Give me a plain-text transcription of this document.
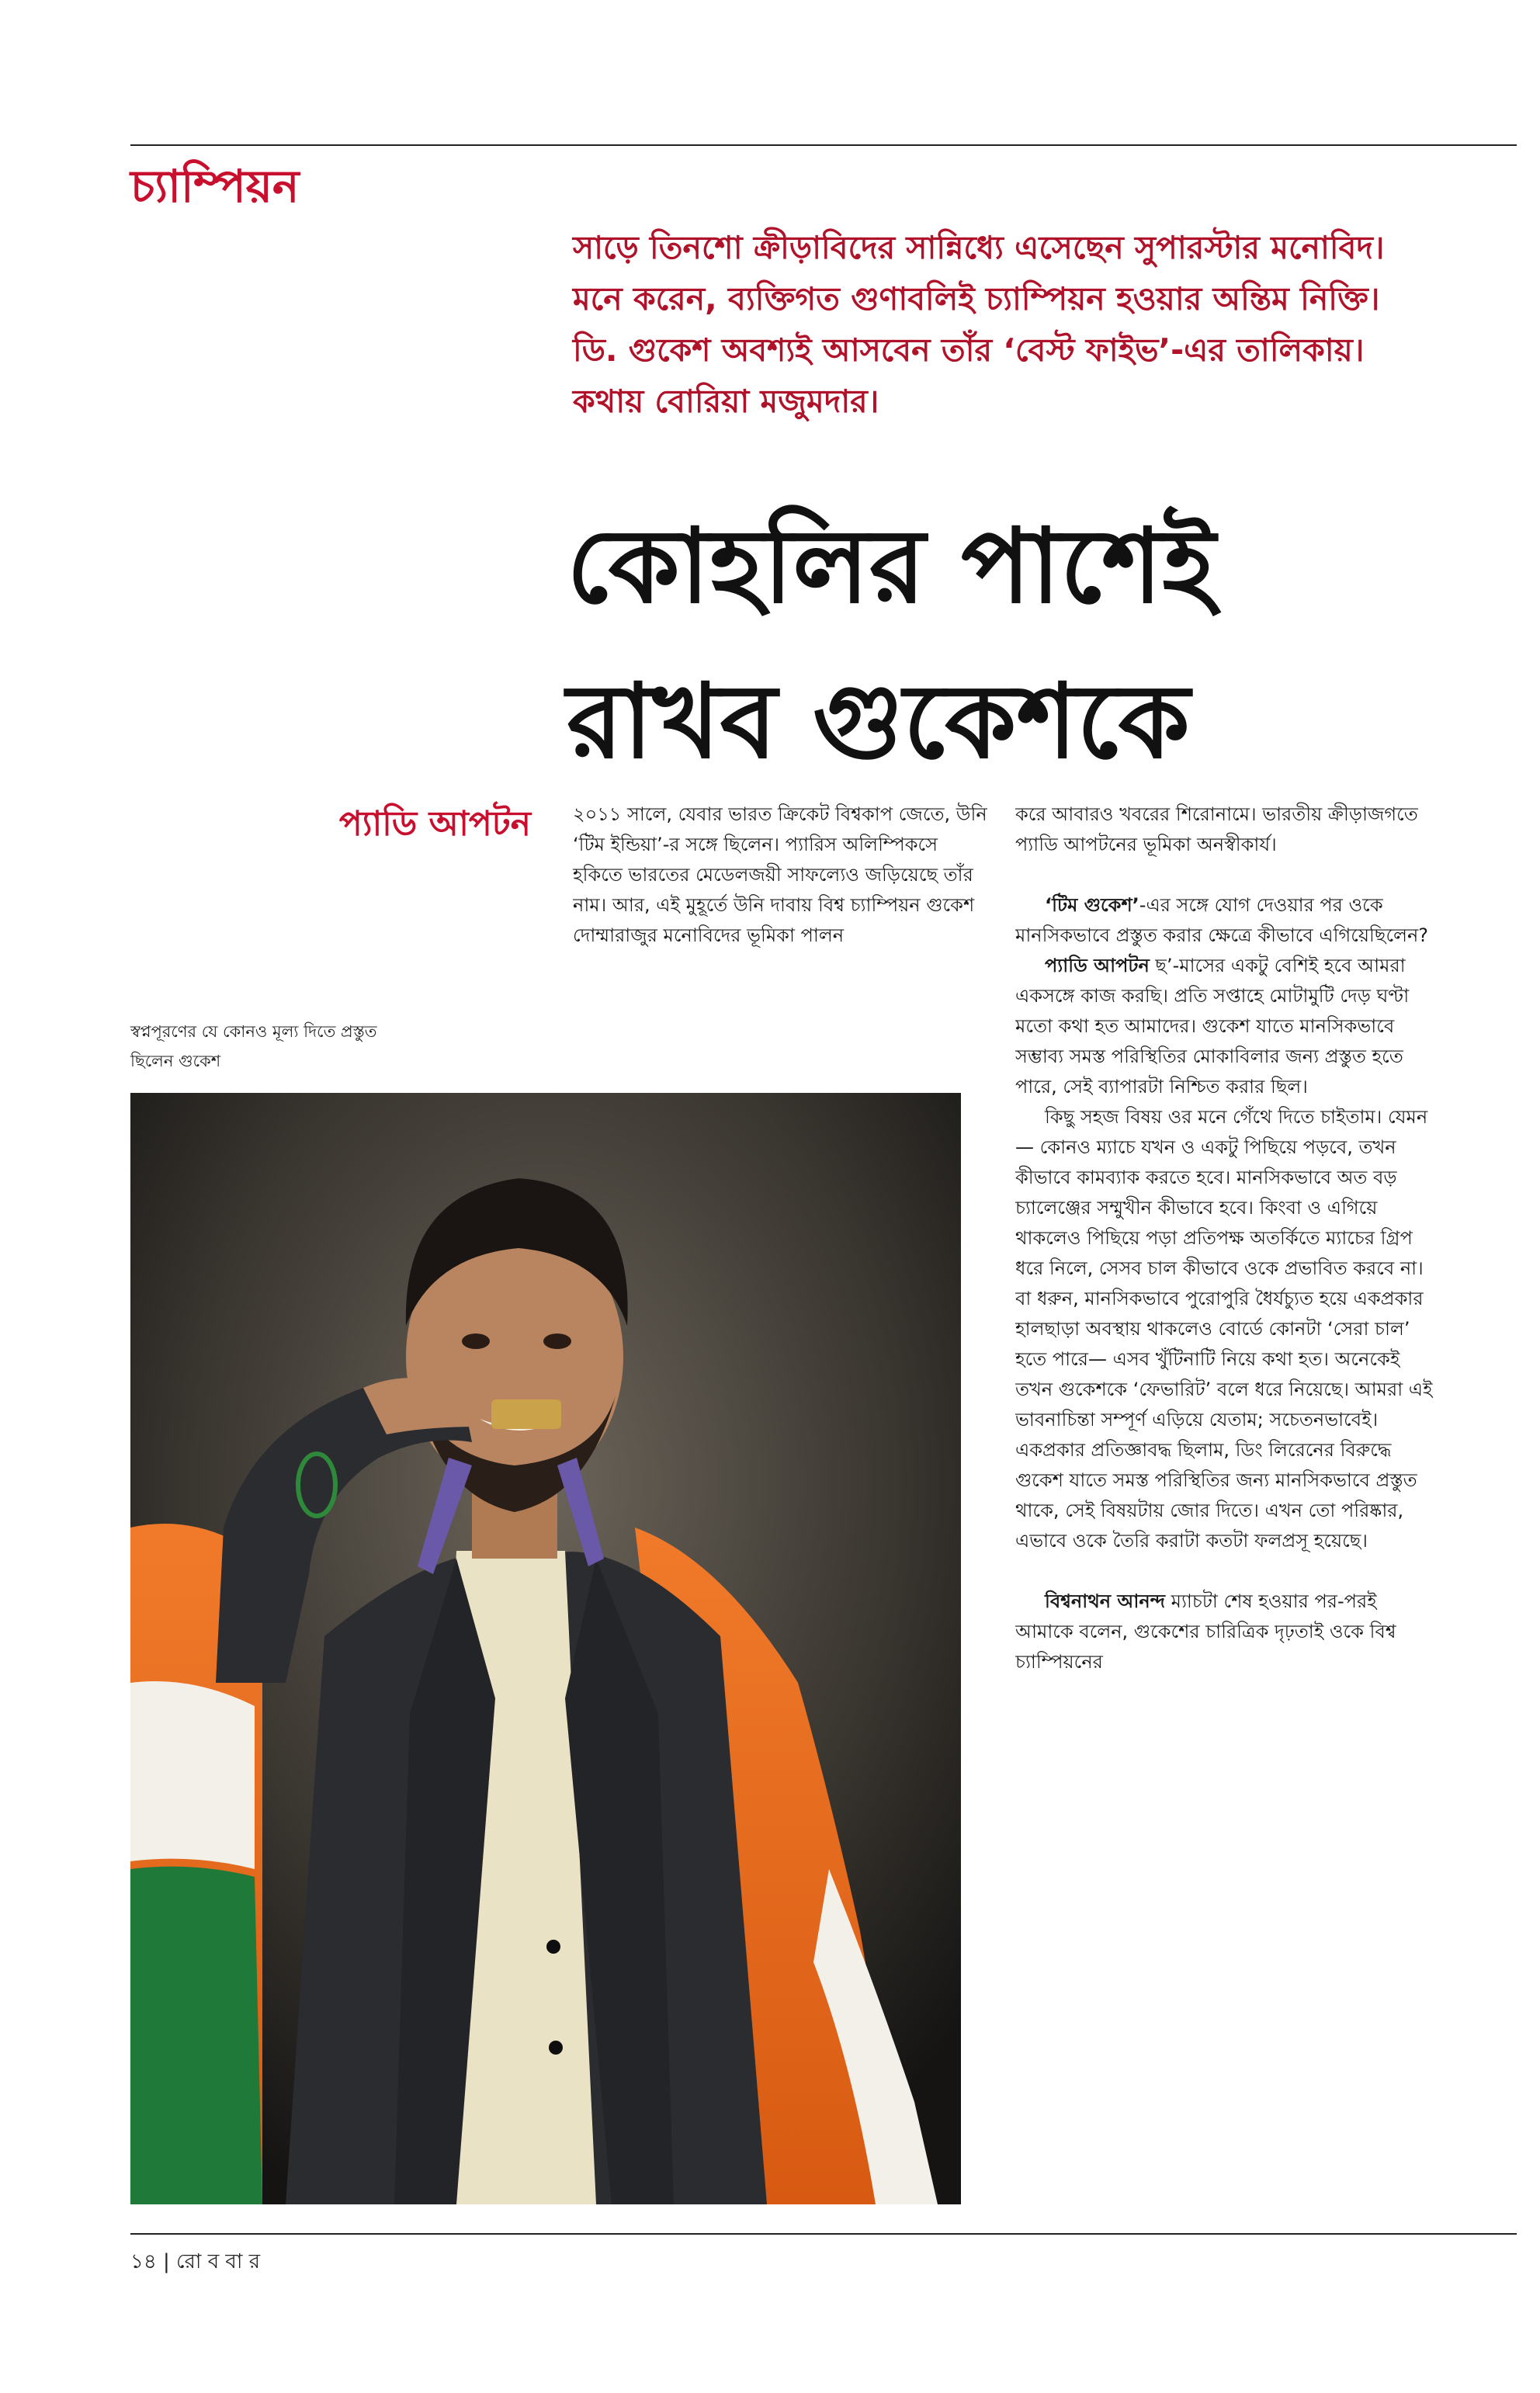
চ্যাম্পিয়ন
সাড়ে তিনশো ক্রীড়াবিদের সান্নিধ্যে এসেছেন সুপারস্টার মনোবিদ। মনে করেন, ব্যক্তিগত গুণাবলিই চ্যাম্পিয়ন হওয়ার অন্তিম নিক্তি। ডি. গুকেশ অবশ্যই আসবেন তাঁর ‘বেস্ট ফাইভ’-এর তালিকায়। কথায় বোরিয়া মজুমদার।
কোহলির পাশেই
রাখব গুকেশকে
প্যাডি আপটন ২০১১ সালে, যেবার ভারত ক্রিকেট বিশ্বকাপ জেতে, উনি ‘টিম ইন্ডিয়া’-র সঙ্গে ছিলেন। প্যারিস অলিম্পিকসে হকিতে ভারতের মেডেলজয়ী সাফল্যেও জড়িয়েছে তাঁর নাম। আর, এই মুহূর্তে উনি দাবায় বিশ্ব চ্যাম্পিয়ন গুকেশ দোম্মারাজুর মনোবিদের ভূমিকা পালন

স্বপ্নপূরণের যে কোনও মূল্য দিতে প্রস্তুত ছিলেন গুকেশ

করে আবারও খবরের শিরোনামে। ভারতীয় ক্রীড়াজগতে প্যাডি আপটনের ভূমিকা অনস্বীকার্য।

‘টিম গুকেশ’-এর সঙ্গে যোগ দেওয়ার পর ওকে মানসিকভাবে প্রস্তুত করার ক্ষেত্রে কীভাবে এগিয়েছিলেন?

প্যাডি আপটন ছ’-মাসের একটু বেশিই হবে আমরা একসঙ্গে কাজ করছি। প্রতি সপ্তাহে মোটামুটি দেড় ঘণ্টা মতো কথা হত আমাদের। গুকেশ যাতে মানসিকভাবে সম্ভাব্য সমস্ত পরিস্থিতির মোকাবিলার জন্য প্রস্তুত হতে পারে, সেই ব্যাপারটা নিশ্চিত করার ছিল।

কিছু সহজ বিষয় ওর মনে গেঁথে দিতে চাইতাম। যেমন— কোনও ম্যাচে যখন ও একটু পিছিয়ে পড়বে, তখন কীভাবে কামব্যাক করতে হবে। মানসিকভাবে অত বড় চ্যালেঞ্জের সম্মুখীন কীভাবে হবে। কিংবা ও এগিয়ে থাকলেও পিছিয়ে পড়া প্রতিপক্ষ অতর্কিতে ম্যাচের গ্রিপ ধরে নিলে, সেসব চাল কীভাবে ওকে প্রভাবিত করবে না। বা ধরুন, মানসিকভাবে পুরোপুরি ধৈর্যচ্যুত হয়ে একপ্রকার হালছাড়া অবস্থায় থাকলেও বোর্ডে কোনটা ‘সেরা চাল’ হতে পারে— এসব খুঁটিনাটি নিয়ে কথা হত। অনেকেই তখন গুকেশকে ‘ফেভারিট’ বলে ধরে নিয়েছে। আমরা এই ভাবনাচিন্তা সম্পূর্ণ এড়িয়ে যেতাম; সচেতনভাবেই। একপ্রকার প্রতিজ্ঞাবদ্ধ ছিলাম, ডিং লিরেনের বিরুদ্ধে গুকেশ যাতে সমস্ত পরিস্থিতির জন্য মানসিকভাবে প্রস্তুত থাকে, সেই বিষয়টায় জোর দিতে। এখন তো পরিষ্কার, এভাবে ওকে তৈরি করাটা কতটা ফলপ্রসূ হয়েছে।

বিশ্বনাথন আনন্দ ম্যাচটা শেষ হওয়ার পর-পরই আমাকে বলেন, গুকেশের চারিত্রিক দৃঢ়তাই ওকে বিশ্ব চ্যাম্পিয়নের

১৪ | রো ব বা র
